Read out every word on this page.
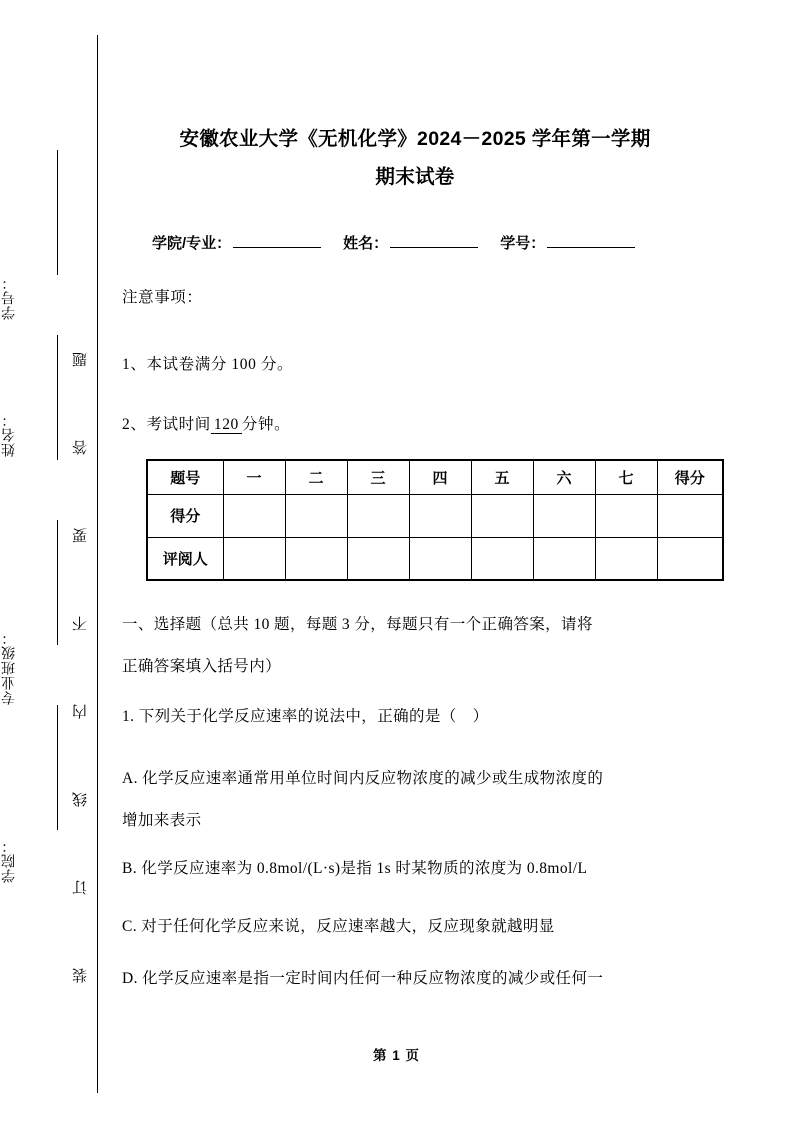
学号：
姓名：
专业班级：
学院：
题
答
要
不
内
线
订
装
安徽农业大学《无机化学》2024－2025 学年第一学期
期末试卷
学院/专业：	姓名：	学号：
注意事项：
1、本试卷满分 100 分。
2、考试时间 120 分钟。
题号	一	二	三	四	五	六	七	得分
得分								
评阅人								
一、选择题（总共 10 题，每题 3 分，每题只有一个正确答案，请将
正确答案填入括号内）
1. 下列关于化学反应速率的说法中，正确的是（　）
A. 化学反应速率通常用单位时间内反应物浓度的减少或生成物浓度的
增加来表示
B. 化学反应速率为 0.8mol/(L·s)是指 1s 时某物质的浓度为 0.8mol/L
C. 对于任何化学反应来说，反应速率越大，反应现象就越明显
D. 化学反应速率是指一定时间内任何一种反应物浓度的减少或任何一
第 1 页
